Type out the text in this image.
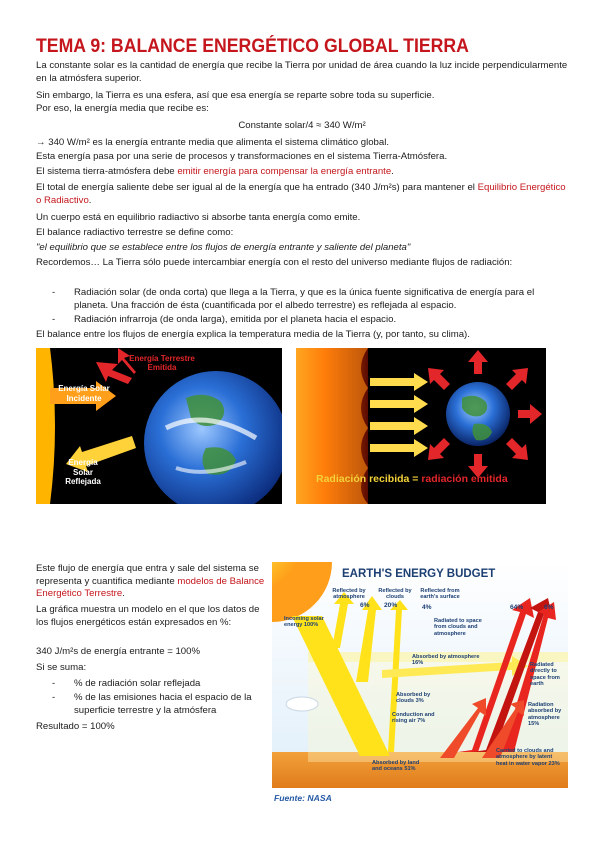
TEMA 9: BALANCE ENERGÉTICO GLOBAL TIERRA
La constante solar es la cantidad de energía que recibe la Tierra por unidad de área cuando la luz incide perpendicularmente en la atmósfera superior.
Sin embargo, la Tierra es una esfera, así que esa energía se reparte sobre toda su superficie.
Por eso, la energía media que recibe es:
Constante solar/4 ≈ 340 W/m²
→ 340 W/m² es la energía entrante media que alimenta el sistema climático global.
Esta energía pasa por una serie de procesos y transformaciones en el sistema Tierra-Atmósfera.
El sistema tierra-atmósfera debe emitir energía para compensar la energía entrante.
El total de energía saliente debe ser igual al de la energía que ha entrado (340 J/m²s) para mantener el Equilibrio Energético o Radiactivo.
Un cuerpo está en equilibrio radiactivo si absorbe tanta energía como emite.
El balance radiactivo terrestre se define como:
"el equilibrio que se establece entre los flujos de energía entrante y saliente del planeta"
Recordemos… La Tierra sólo puede intercambiar energía con el resto del universo mediante flujos de radiación:
- Radiación solar (de onda corta) que llega a la Tierra, y que es la única fuente significativa de energía para el planeta. Una fracción de ésta (cuantificada por el albedo terrestre) es reflejada al espacio.
- Radiación infrarroja (de onda larga), emitida por el planeta hacia el espacio.
El balance entre los flujos de energía explica la temperatura media de la Tierra (y, por tanto, su clima).
Energía Terrestre Emitida
Energía Solar Incidente
Energía Solar Reflejada	Radiación recibida = radiación emitida
Este flujo de energía que entra y sale del sistema se representa y cuantifica mediante modelos de Balance Energético Terrestre.
La gráfica muestra un modelo en el que los datos de los flujos energéticos están expresados en %:
340 J/m²s de energía entrante = 100%
Si se suma:
- % de radiación solar reflejada
- % de las emisiones hacia el espacio de la superficie terrestre y la atmósfera
Resultado = 100%
EARTH'S ENERGY BUDGET
Reflected by atmosphere
6%
Reflected by clouds
20%
Reflected from earth's surface
4%
Incoming solar energy 100%
64%	6%
Radiated to space from clouds and atmosphere
Absorbed by atmosphere 16%	Radiated directly to space from earth
Absorbed by clouds 3%
Conduction and rising air 7%
Radiation absorbed by atmosphere 15%
Carried to clouds and atmosphere by latent heat in water vapor 23%
Absorbed by land and oceans 51%
Fuente: NASA
